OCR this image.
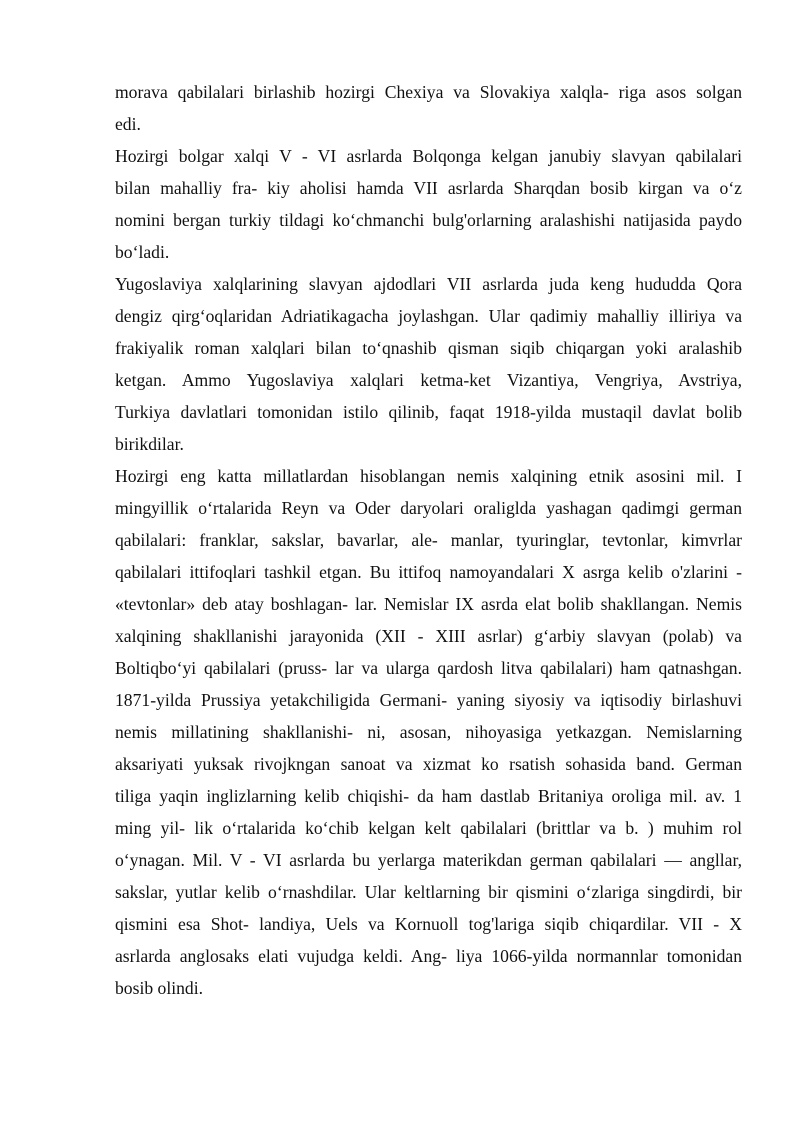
morava qabilalari birlashib hozirgi Chexiya va Slovakiya xalqla- riga asos solgan
edi.
Hozirgi bolgar xalqi V - VI asrlarda Bolqonga kelgan janubiy slavyan qabilalari
bilan mahalliy fra- kiy aholisi hamda VII asrlarda Sharqdan bosib kirgan va o‘z
nomini bergan turkiy tildagi ko‘chmanchi bulg'orlarning aralashishi natijasida paydo
bo‘ladi.
Yugoslaviya xalqlarining slavyan ajdodlari VII asrlarda juda keng hududda Qora
dengiz qirg‘oqlaridan Adriatikagacha joylashgan. Ular qadimiy mahalliy illiriya va
frakiyalik roman xalqlari bilan to‘qnashib qisman siqib chiqargan yoki aralashib
ketgan. Ammo Yugoslaviya xalqlari ketma-ket Vizantiya, Vengriya, Avstriya,
Turkiya davlatlari tomonidan istilo qilinib, faqat 1918-yilda mustaqil davlat bolib
birikdilar.
Hozirgi eng katta millatlardan hisoblangan nemis xalqining etnik asosini mil. I
mingyillik o‘rtalarida Reyn va Oder daryolari oraliglda yashagan qadimgi german
qabilalari: franklar, sakslar, bavarlar, ale- manlar, tyuringlar, tevtonlar, kimvrlar
qabilalari ittifoqlari tashkil etgan. Bu ittifoq namoyandalari X asrga kelib o'zlarini -
«tevtonlar» deb atay boshlagan- lar. Nemislar IX asrda elat bolib shakllangan. Nemis
xalqining shakllanishi jarayonida (XII - XIII asrlar) g‘arbiy slavyan (polab) va
Boltiqbo‘yi qabilalari (pruss- lar va ularga qardosh litva qabilalari) ham qatnashgan.
1871-yilda Prussiya yetakchiligida Germani- yaning siyosiy va iqtisodiy birlashuvi
nemis millatining shakllanishi- ni, asosan, nihoyasiga yetkazgan. Nemislarning
aksariyati yuksak rivojkngan sanoat va xizmat ko rsatish sohasida band. German
tiliga yaqin inglizlarning kelib chiqishi- da ham dastlab Britaniya oroliga mil. av. 1
ming yil- lik o‘rtalarida ko‘chib kelgan kelt qabilalari (brittlar va b. ) muhim rol
o‘ynagan. Mil. V - VI asrlarda bu yerlarga materikdan german qabilalari — angllar,
sakslar, yutlar kelib o‘rnashdilar. Ular keltlarning bir qismini o‘zlariga singdirdi, bir
qismini esa Shot- landiya, Uels va Kornuoll tog'lariga siqib chiqardilar. VII - X
asrlarda anglosaks elati vujudga keldi. Ang- liya 1066-yilda normannlar tomonidan
bosib olindi.
